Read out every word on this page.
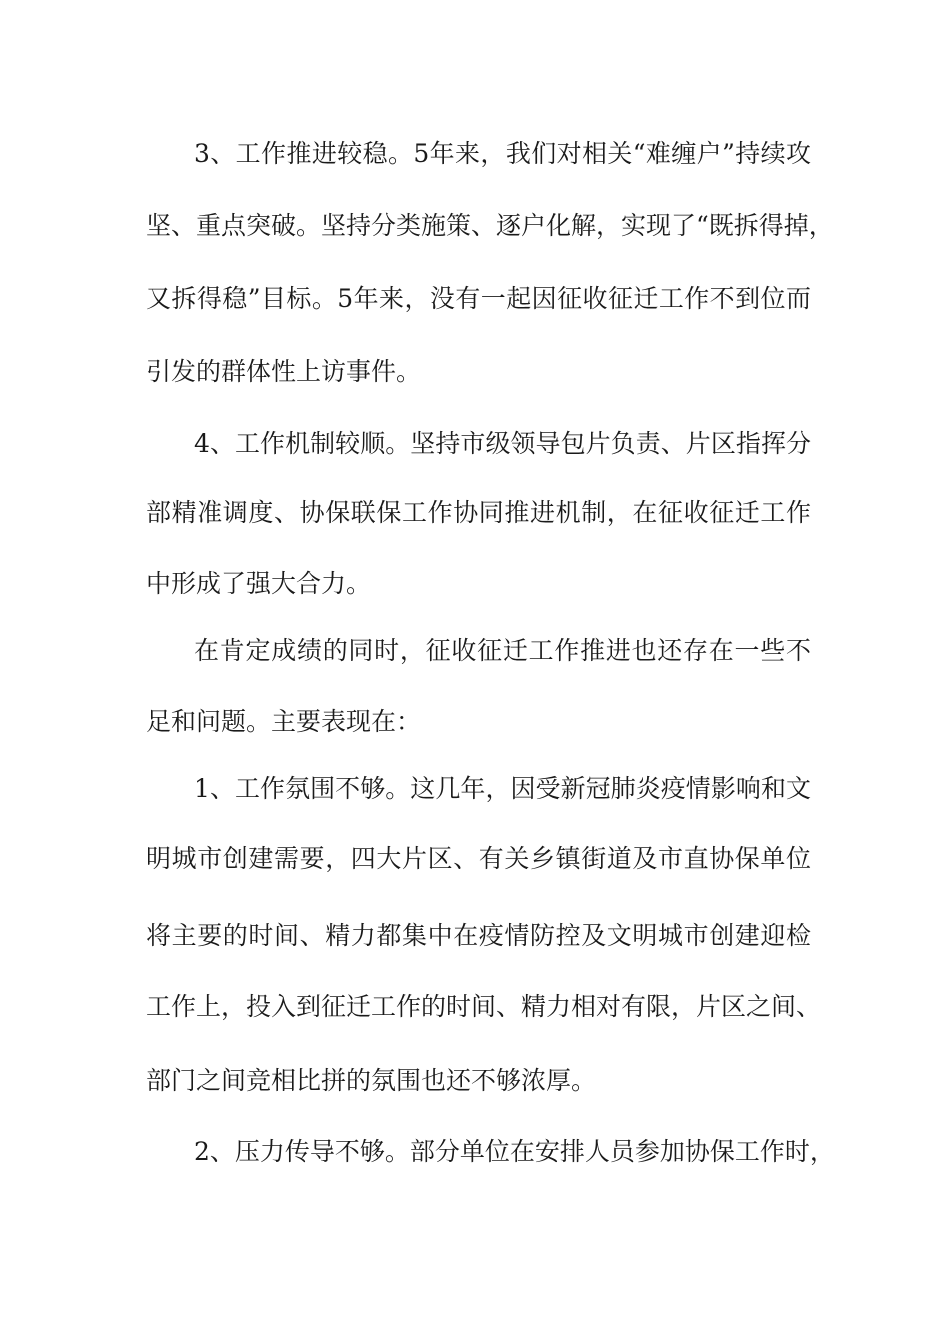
3、工作推进较稳。5年来，我们对相关“难缠户”持续攻
坚、重点突破。坚持分类施策、逐户化解，实现了“既拆得掉，
又拆得稳”目标。5年来，没有一起因征收征迁工作不到位而
引发的群体性上访事件。
4、工作机制较顺。坚持市级领导包片负责、片区指挥分
部精准调度、协保联保工作协同推进机制，在征收征迁工作
中形成了强大合力。
在肯定成绩的同时，征收征迁工作推进也还存在一些不
足和问题。主要表现在：
1、工作氛围不够。这几年，因受新冠肺炎疫情影响和文
明城市创建需要，四大片区、有关乡镇街道及市直协保单位
将主要的时间、精力都集中在疫情防控及文明城市创建迎检
工作上，投入到征迁工作的时间、精力相对有限，片区之间、
部门之间竞相比拼的氛围也还不够浓厚。
2、压力传导不够。部分单位在安排人员参加协保工作时，
